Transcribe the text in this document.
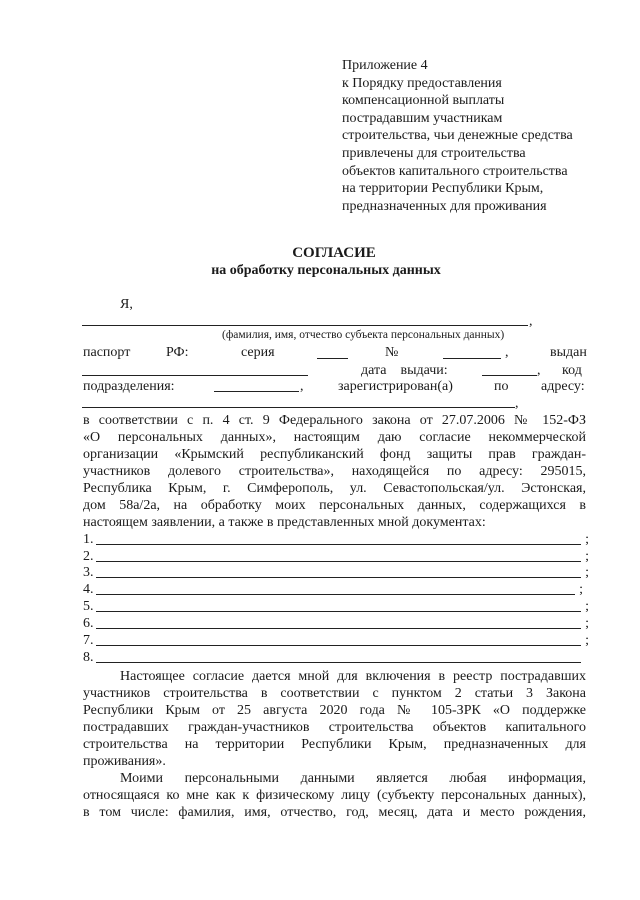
Приложение 4
к Порядку предоставления
компенсационной выплаты
пострадавшим участникам
строительства, чьи денежные средства
привлечены для строительства
объектов капитального строительства
на территории Республики Крым,
предназначенных для проживания
СОГЛАСИЕ
на обработку персональных данных
Я,
,
(фамилия, имя, отчество субъекта персональных данных)
паспорт	РФ:	серия	№	,	выдан
дата    выдачи:	, код
подразделения:	, зарегистрирован(а)	по адресу:
,
в соответствии с п. 4 ст. 9 Федерального закона от 27.07.2006 № 152-ФЗ
«О персональных данных», настоящим даю согласие некоммерческой
организации «Крымский республиканский фонд защиты прав граждан-
участников долевого строительства», находящейся по адресу: 295015,
Республика Крым, г. Симферополь, ул. Севастопольская/ул. Эстонская,
дом 58а/2а, на обработку моих персональных данных, содержащихся в
настоящем заявлении, а также в представленных мной документах:
1.	;
2.	;
3.	;
4.	;
5.	;
6.	;
7.	;
8.
Настоящее согласие дается мной для включения в реестр пострадавших
участников строительства в соответствии с пунктом 2 статьи 3 Закона
Республики Крым от 25 августа 2020 года № 105-ЗРК «О поддержке
пострадавших граждан-участников строительства объектов капитального
строительства на территории Республики Крым, предназначенных для
проживания».
Моими персональными данными является любая информация,
относящаяся ко мне как к физическому лицу (субъекту персональных данных),
в том числе: фамилия, имя, отчество, год, месяц, дата и место рождения,
